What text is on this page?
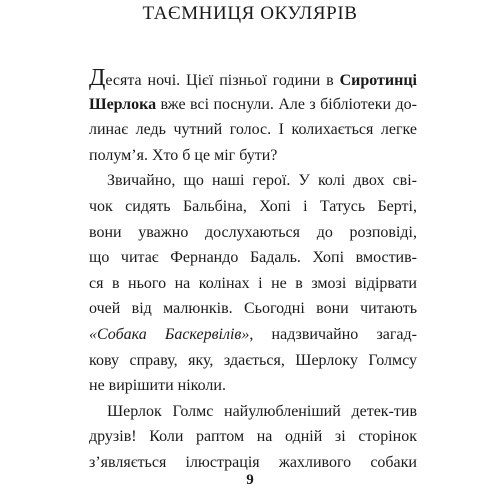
ТАЄМНИЦЯ ОКУЛЯРІВ
Десята ночі. Цієї пізньої години в Сиротинці
Шерлока вже всі поснули. Але з бібліотеки до-
линає ледь чутний голос. І колихається легке
полум’я. Хто б це міг бути?
Звичайно, що наші герої. У колі двох сві-
чок сидять Бальбіна, Хопі і Татусь Берті,
вони уважно дослухаються до розповіді,
що читає Фернандо Бадаль. Хопі вмостив-
ся в нього на колінах і не в змозі відірвати
очей від малюнків. Сьогодні вони читають
«Собака Баскервілів», надзвичайно загад-
кову справу, яку, здається, Шерлоку Голмсу
не вирішити ніколи.
Шерлок Голмс найулюбленіший детек-тив
друзів! Коли раптом на одній зі сторінок
з’являється ілюстрація жахливого собаки
9
